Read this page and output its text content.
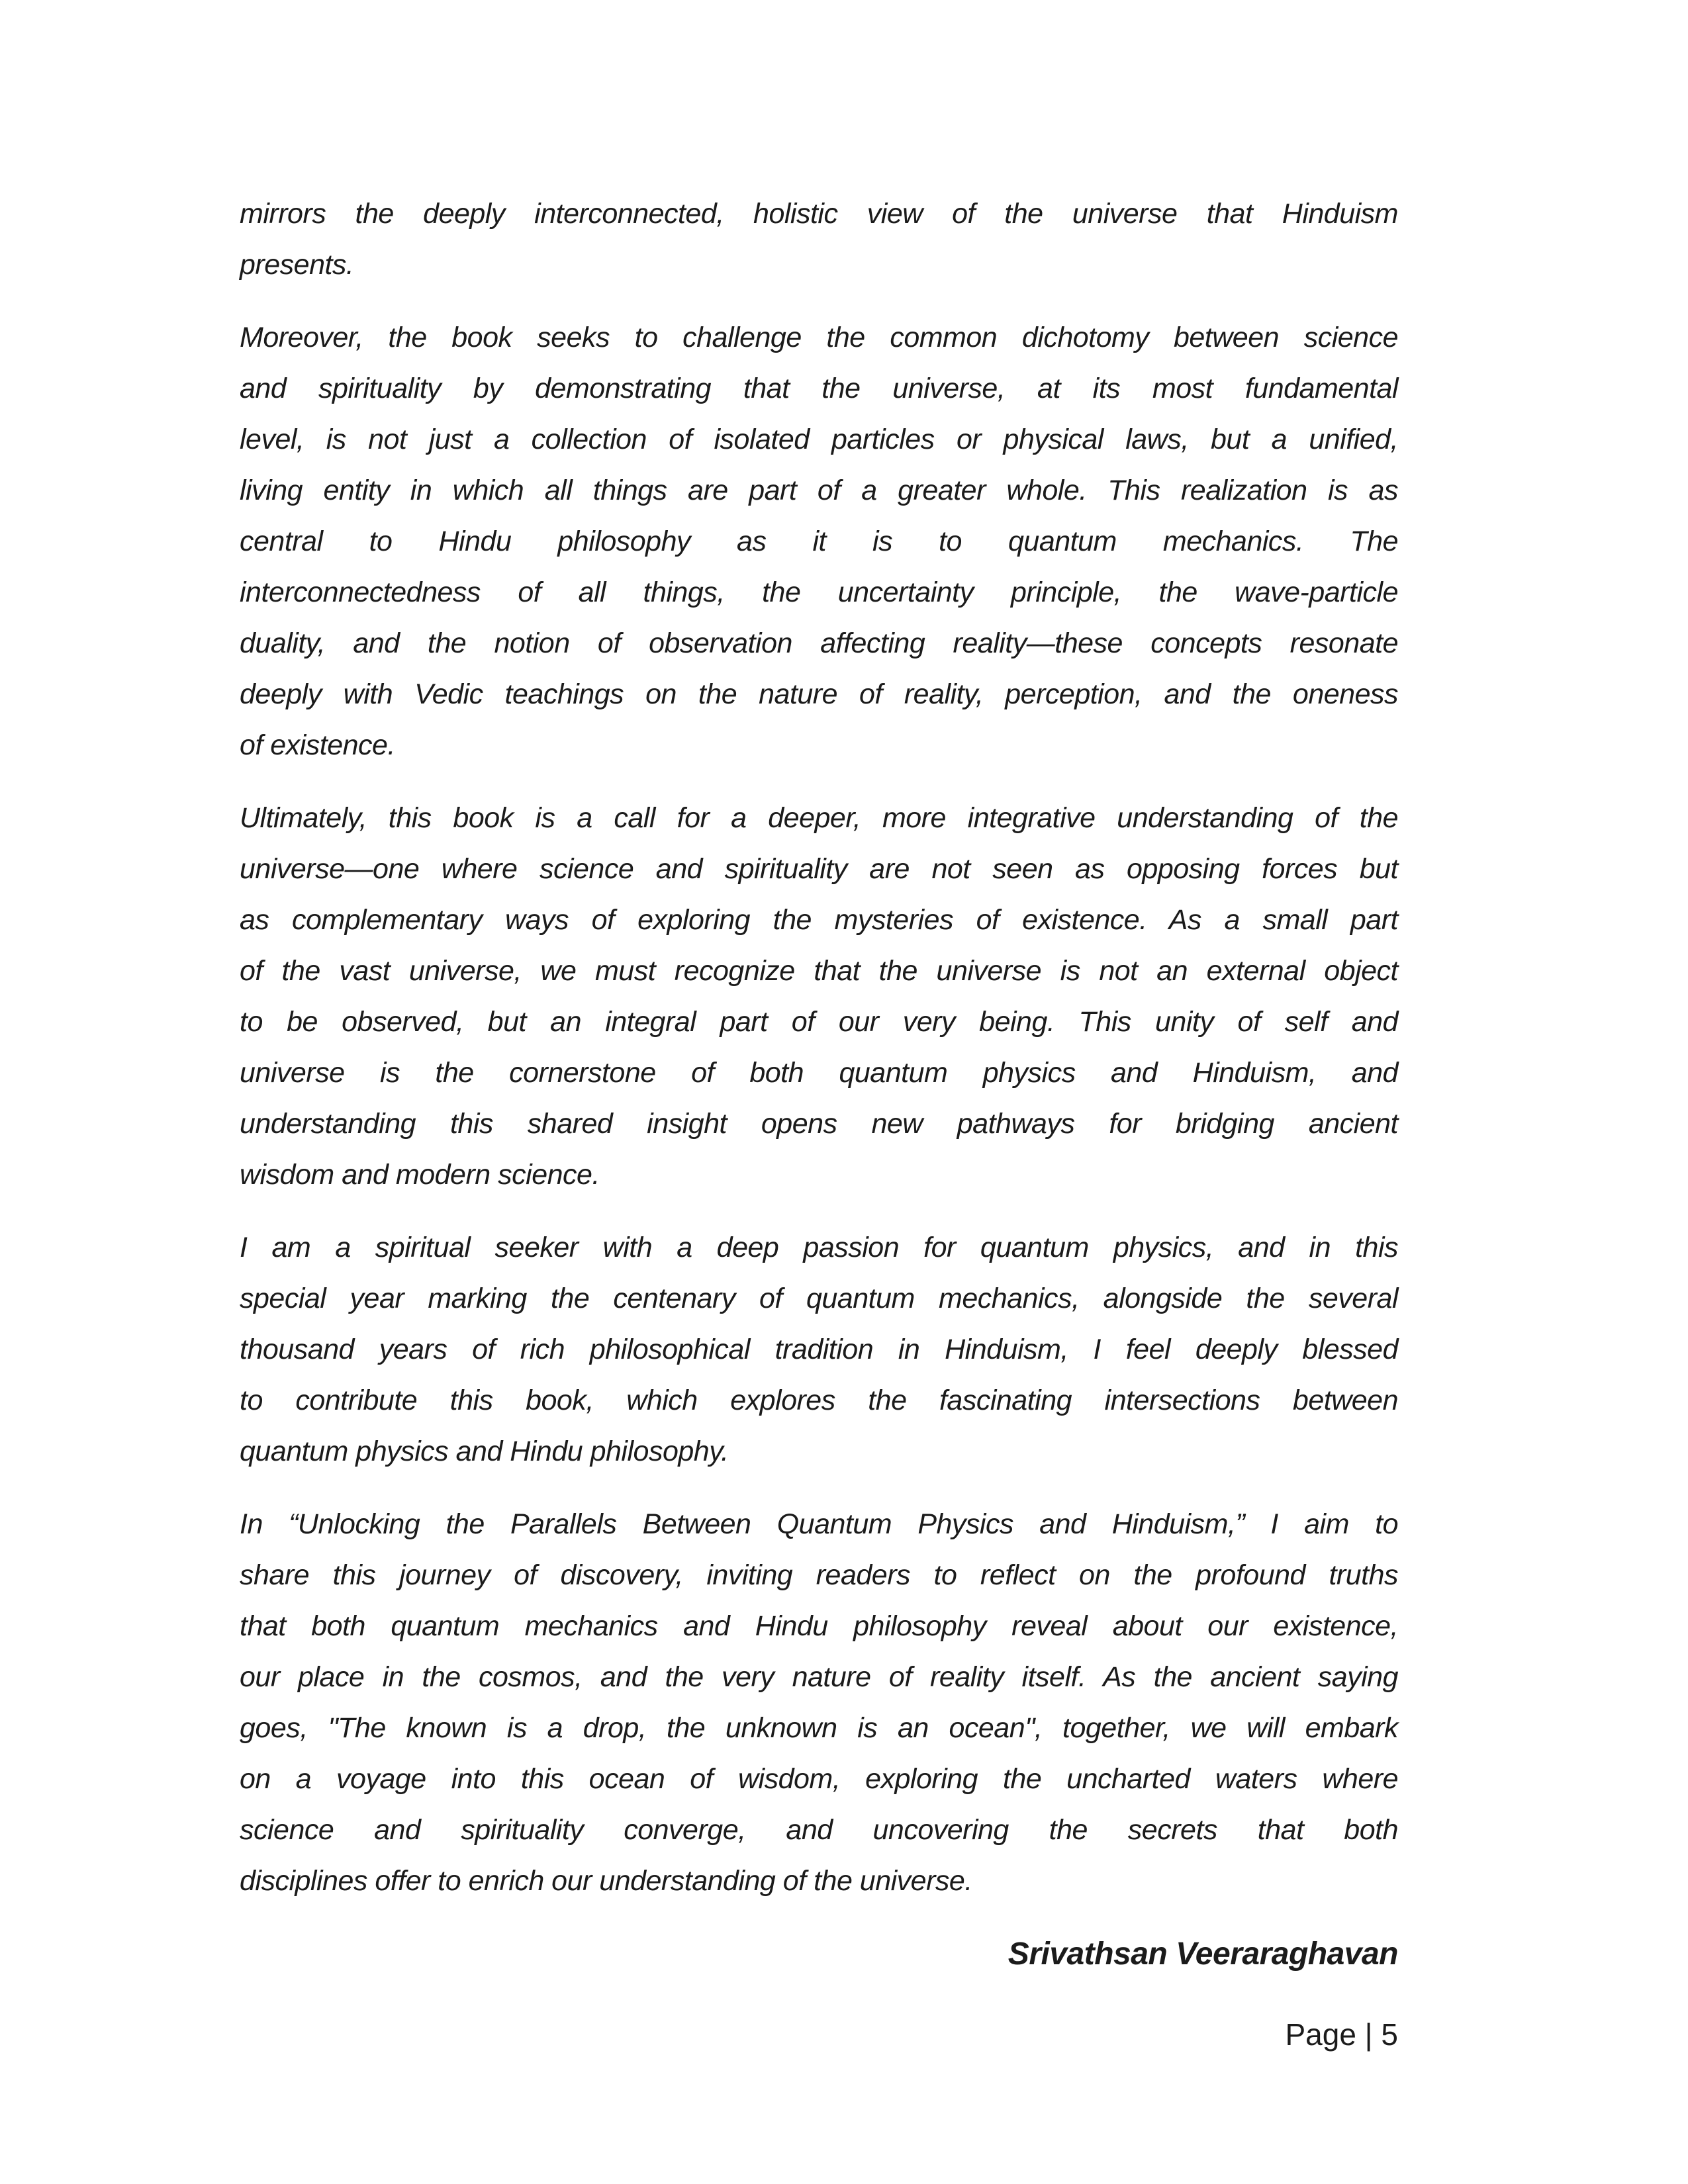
mirrors the deeply interconnected, holistic view of the universe that Hinduism
presents.
Moreover, the book seeks to challenge the common dichotomy between science
and spirituality by demonstrating that the universe, at its most fundamental
level, is not just a collection of isolated particles or physical laws, but a unified,
living entity in which all things are part of a greater whole. This realization is as
central to Hindu philosophy as it is to quantum mechanics. The
interconnectedness of all things, the uncertainty principle, the wave-particle
duality, and the notion of observation affecting reality—these concepts resonate
deeply with Vedic teachings on the nature of reality, perception, and the oneness
of existence.
Ultimately, this book is a call for a deeper, more integrative understanding of the
universe—one where science and spirituality are not seen as opposing forces but
as complementary ways of exploring the mysteries of existence. As a small part
of the vast universe, we must recognize that the universe is not an external object
to be observed, but an integral part of our very being. This unity of self and
universe is the cornerstone of both quantum physics and Hinduism, and
understanding this shared insight opens new pathways for bridging ancient
wisdom and modern science.
I am a spiritual seeker with a deep passion for quantum physics, and in this
special year marking the centenary of quantum mechanics, alongside the several
thousand years of rich philosophical tradition in Hinduism, I feel deeply blessed
to contribute this book, which explores the fascinating intersections between
quantum physics and Hindu philosophy.
In “Unlocking the Parallels Between Quantum Physics and Hinduism,” I aim to
share this journey of discovery, inviting readers to reflect on the profound truths
that both quantum mechanics and Hindu philosophy reveal about our existence,
our place in the cosmos, and the very nature of reality itself. As the ancient saying
goes, "The known is a drop, the unknown is an ocean", together, we will embark
on a voyage into this ocean of wisdom, exploring the uncharted waters where
science and spirituality converge, and uncovering the secrets that both
disciplines offer to enrich our understanding of the universe.
Srivathsan Veeraraghavan
Page | 5
